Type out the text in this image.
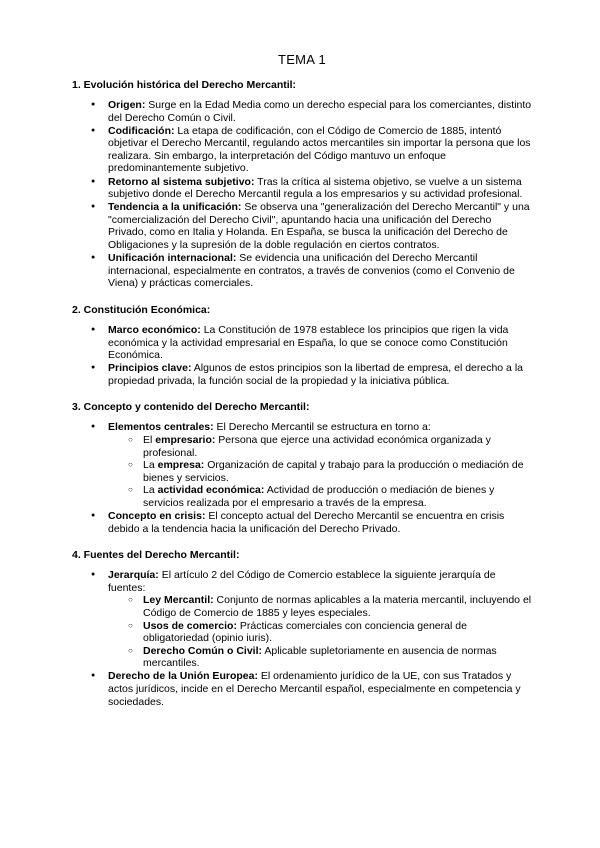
TEMA 1
1. Evolución histórica del Derecho Mercantil:
● Origen: Surge en la Edad Media como un derecho especial para los comerciantes, distinto del Derecho Común o Civil.
● Codificación: La etapa de codificación, con el Código de Comercio de 1885, intentó objetivar el Derecho Mercantil, regulando actos mercantiles sin importar la persona que los realizara. Sin embargo, la interpretación del Código mantuvo un enfoque predominantemente subjetivo.
● Retorno al sistema subjetivo: Tras la crítica al sistema objetivo, se vuelve a un sistema subjetivo donde el Derecho Mercantil regula a los empresarios y su actividad profesional.
● Tendencia a la unificación: Se observa una "generalización del Derecho Mercantil" y una "comercialización del Derecho Civil", apuntando hacia una unificación del Derecho Privado, como en Italia y Holanda. En España, se busca la unificación del Derecho de Obligaciones y la supresión de la doble regulación en ciertos contratos.
● Unificación internacional: Se evidencia una unificación del Derecho Mercantil internacional, especialmente en contratos, a través de convenios (como el Convenio de Viena) y prácticas comerciales.
2. Constitución Económica:
● Marco económico: La Constitución de 1978 establece los principios que rigen la vida económica y la actividad empresarial en España, lo que se conoce como Constitución Económica.
● Principios clave: Algunos de estos principios son la libertad de empresa, el derecho a la propiedad privada, la función social de la propiedad y la iniciativa pública.
3. Concepto y contenido del Derecho Mercantil:
● Elementos centrales: El Derecho Mercantil se estructura en torno a:
○ El empresario: Persona que ejerce una actividad económica organizada y profesional.
○ La empresa: Organización de capital y trabajo para la producción o mediación de bienes y servicios.
○ La actividad económica: Actividad de producción o mediación de bienes y servicios realizada por el empresario a través de la empresa.
● Concepto en crisis: El concepto actual del Derecho Mercantil se encuentra en crisis debido a la tendencia hacia la unificación del Derecho Privado.
4. Fuentes del Derecho Mercantil:
● Jerarquía: El artículo 2 del Código de Comercio establece la siguiente jerarquía de fuentes:
○ Ley Mercantil: Conjunto de normas aplicables a la materia mercantil, incluyendo el Código de Comercio de 1885 y leyes especiales.
○ Usos de comercio: Prácticas comerciales con conciencia general de obligatoriedad (opinio iuris).
○ Derecho Común o Civil: Aplicable supletoriamente en ausencia de normas mercantiles.
● Derecho de la Unión Europea: El ordenamiento jurídico de la UE, con sus Tratados y actos jurídicos, incide en el Derecho Mercantil español, especialmente en competencia y sociedades.
